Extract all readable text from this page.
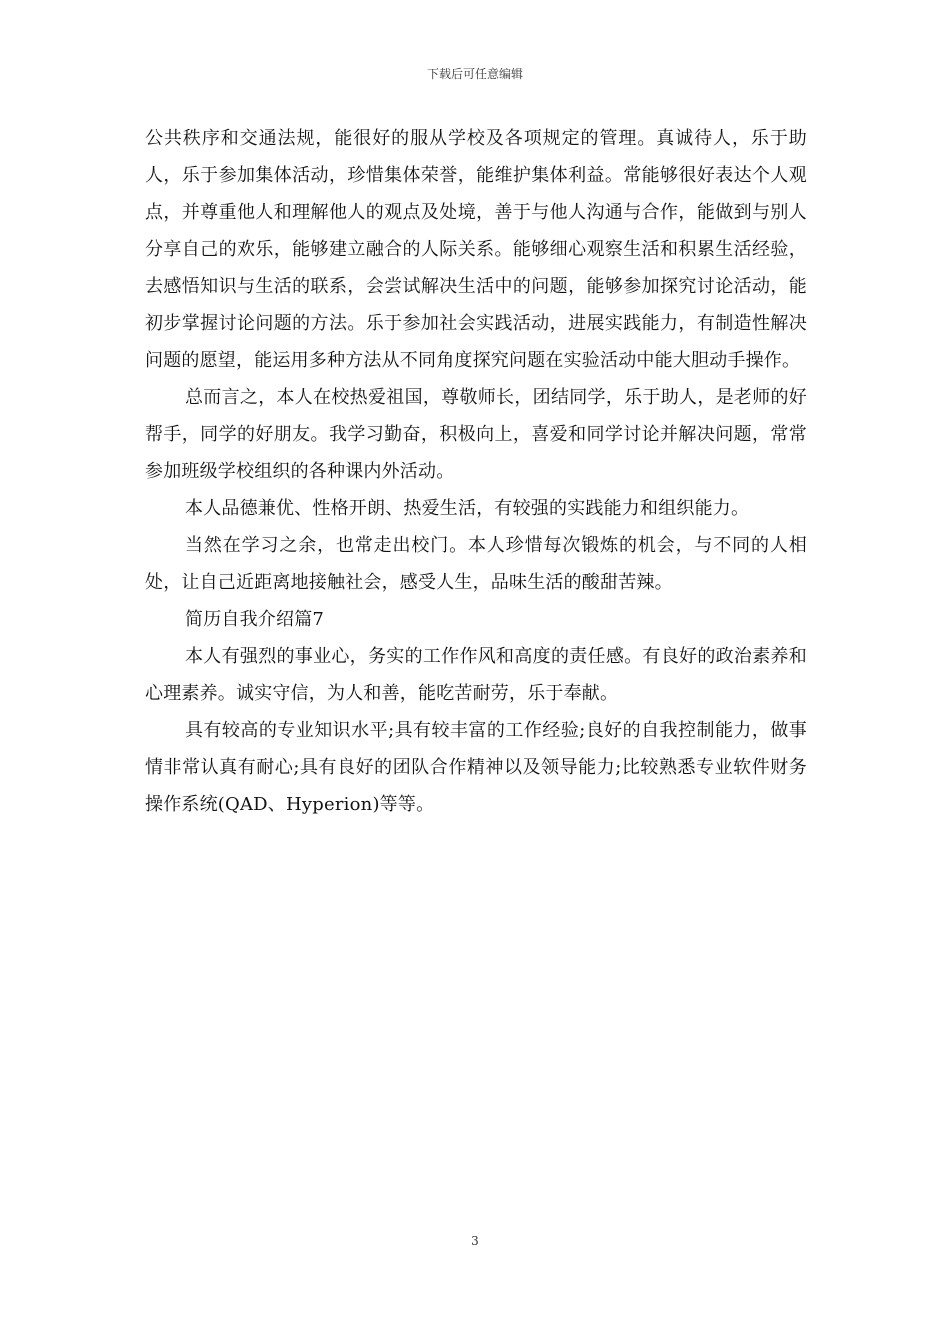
下载后可任意编辑

公共秩序和交通法规，能很好的服从学校及各项规定的管理。真诚待人，乐于助人，乐于参加集体活动，珍惜集体荣誉，能维护集体利益。常能够很好表达个人观点，并尊重他人和理解他人的观点及处境，善于与他人沟通与合作，能做到与别人分享自己的欢乐，能够建立融合的人际关系。能够细心观察生活和积累生活经验，去感悟知识与生活的联系，会尝试解决生活中的问题，能够参加探究讨论活动，能初步掌握讨论问题的方法。乐于参加社会实践活动，进展实践能力，有制造性解决问题的愿望，能运用多种方法从不同角度探究问题在实验活动中能大胆动手操作。

总而言之，本人在校热爱祖国，尊敬师长，团结同学，乐于助人，是老师的好帮手，同学的好朋友。我学习勤奋，积极向上，喜爱和同学讨论并解决问题，常常参加班级学校组织的各种课内外活动。

本人品德兼优、性格开朗、热爱生活，有较强的实践能力和组织能力。

当然在学习之余，也常走出校门。本人珍惜每次锻炼的机会，与不同的人相处，让自己近距离地接触社会，感受人生，品味生活的酸甜苦辣。

简历自我介绍篇7

本人有强烈的事业心，务实的工作作风和高度的责任感。有良好的政治素养和心理素养。诚实守信，为人和善，能吃苦耐劳，乐于奉献。

具有较高的专业知识水平;具有较丰富的工作经验;良好的自我控制能力，做事情非常认真有耐心;具有良好的团队合作精神以及领导能力;比较熟悉专业软件财务操作系统(QAD、Hyperion)等等。

3
